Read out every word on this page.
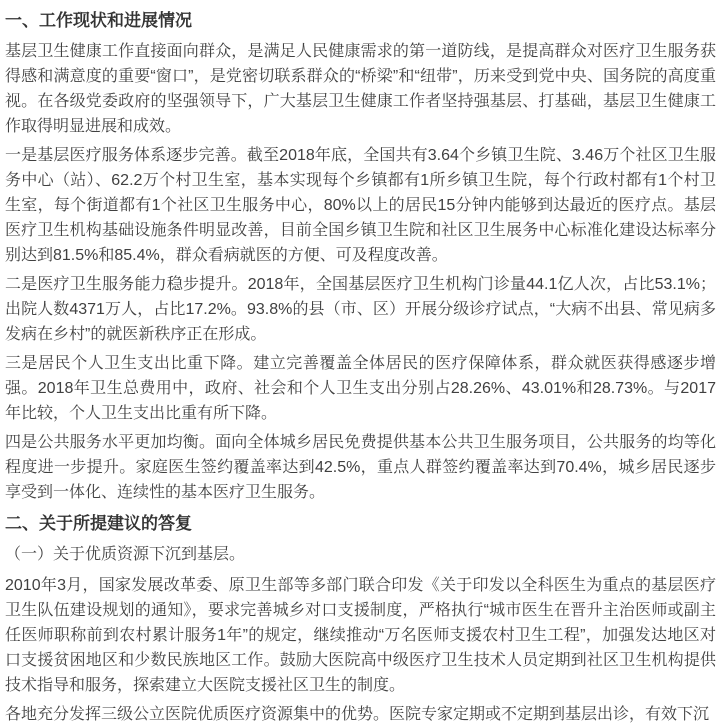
一、工作现状和进展情况

基层卫生健康工作直接面向群众，是满足人民健康需求的第一道防线，是提高群众对医疗卫生服务获得感和满意度的重要“窗口”，是党密切联系群众的“桥梁”和“纽带”，历来受到党中央、国务院的高度重视。在各级党委政府的坚强领导下，广大基层卫生健康工作者坚持强基层、打基础，基层卫生健康工作取得明显进展和成效。

一是基层医疗服务体系逐步完善。截至2018年底，全国共有3.64个乡镇卫生院、3.46万个社区卫生服务中心（站）、62.2万个村卫生室，基本实现每个乡镇都有1所乡镇卫生院，每个行政村都有1个村卫生室，每个街道都有1个社区卫生服务中心，80%以上的居民15分钟内能够到达最近的医疗点。基层医疗卫生机构基础设施条件明显改善，目前全国乡镇卫生院和社区卫生展务中心标准化建设达标率分别达到81.5%和85.4%，群众看病就医的方便、可及程度改善。

二是医疗卫生服务能力稳步提升。2018年，全国基层医疗卫生机构门诊量44.1亿人次，占比53.1%；出院人数4371万人，占比17.2%。93.8%的县（市、区）开展分级诊疗试点，“大病不出县、常见病多发病在乡村”的就医新秩序正在形成。

三是居民个人卫生支出比重下降。建立完善覆盖全体居民的医疗保障体系，群众就医获得感逐步增强。2018年卫生总费用中，政府、社会和个人卫生支出分别占28.26%、43.01%和28.73%。与2017年比较，个人卫生支出比重有所下降。

四是公共服务水平更加均衡。面向全体城乡居民免费提供基本公共卫生服务项目，公共服务的均等化程度进一步提升。家庭医生签约覆盖率达到42.5%，重点人群签约覆盖率达到70.4%，城乡居民逐步享受到一体化、连续性的基本医疗卫生服务。

二、关于所提建议的答复

（一）关于优质资源下沉到基层。

2010年3月，国家发展改革委、原卫生部等多部门联合印发《关于印发以全科医生为重点的基层医疗卫生队伍建设规划的通知》，要求完善城乡对口支援制度，严格执行“城市医生在晋升主治医师或副主任医师职称前到农村累计服务1年”的规定，继续推动“万名医师支援农村卫生工程”，加强发达地区对口支援贫困地区和少数民族地区工作。鼓励大医院高中级医疗卫生技术人员定期到社区卫生机构提供技术指导和服务，探索建立大医院支援社区卫生的制度。

各地充分发挥三级公立医院优质医疗资源集中的优势。医院专家定期或不定期到基层出诊，有效下沉
